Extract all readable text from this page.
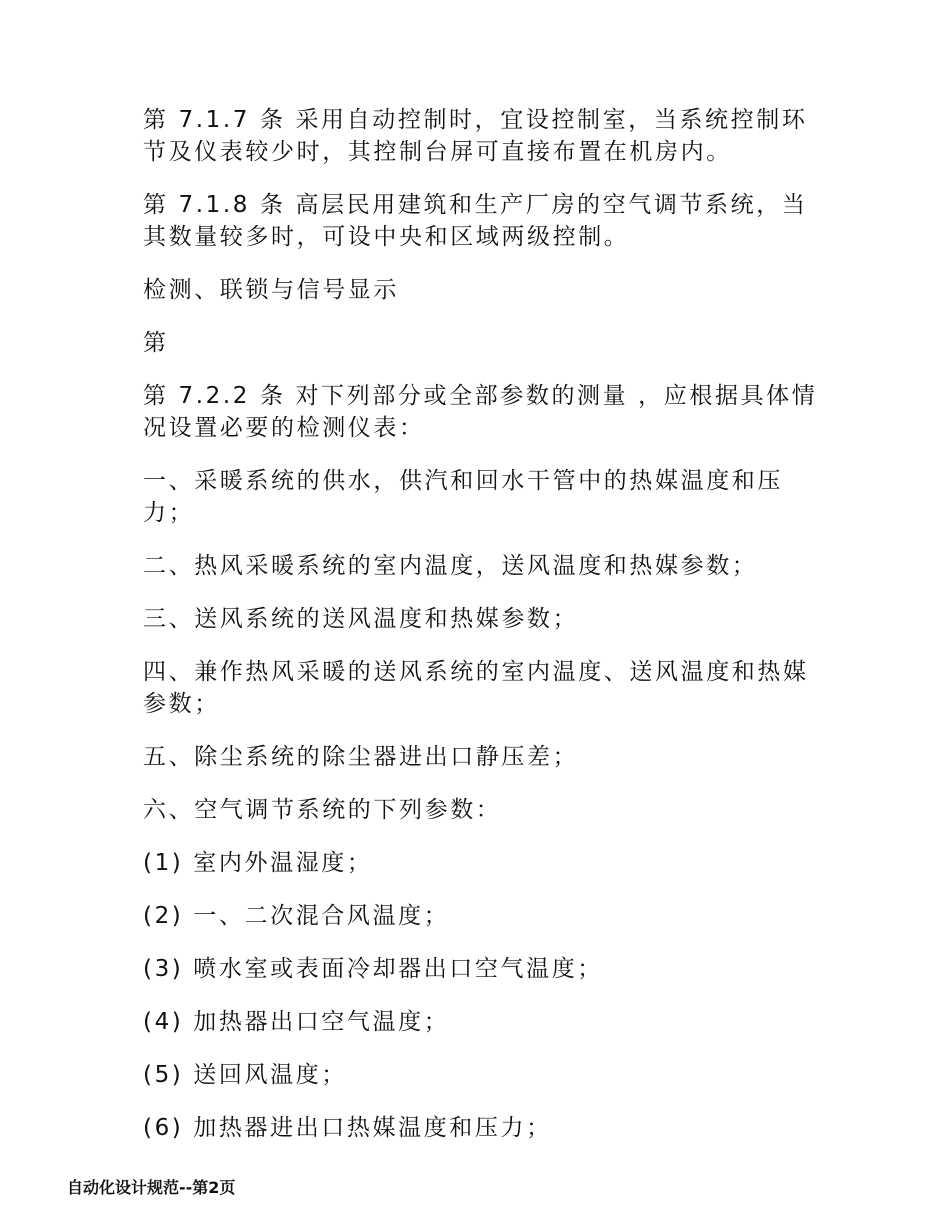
第 7.1.7 条 采用自动控制时，宜设控制室，当系统控制环节及仪表较少时，其控制台屏可直接布置在机房内。

第 7.1.8 条 高层民用建筑和生产厂房的空气调节系统，当其数量较多时，可设中央和区域两级控制。

检测、联锁与信号显示

第

第 7.2.2 条 对下列部分或全部参数的测量 ，应根据具体情况设置必要的检测仪表：

一、采暖系统的供水，供汽和回水干管中的热媒温度和压力；

二、热风采暖系统的室内温度，送风温度和热媒参数；

三、送风系统的送风温度和热媒参数；

四、兼作热风采暖的送风系统的室内温度、送风温度和热媒参数；

五、除尘系统的除尘器进出口静压差；

六、空气调节系统的下列参数：

(1) 室内外温湿度；

(2) 一、二次混合风温度；

(3) 喷水室或表面冷却器出口空气温度；

(4) 加热器出口空气温度；

(5) 送回风温度；

(6) 加热器进出口热媒温度和压力；

自动化设计规范--第2页
